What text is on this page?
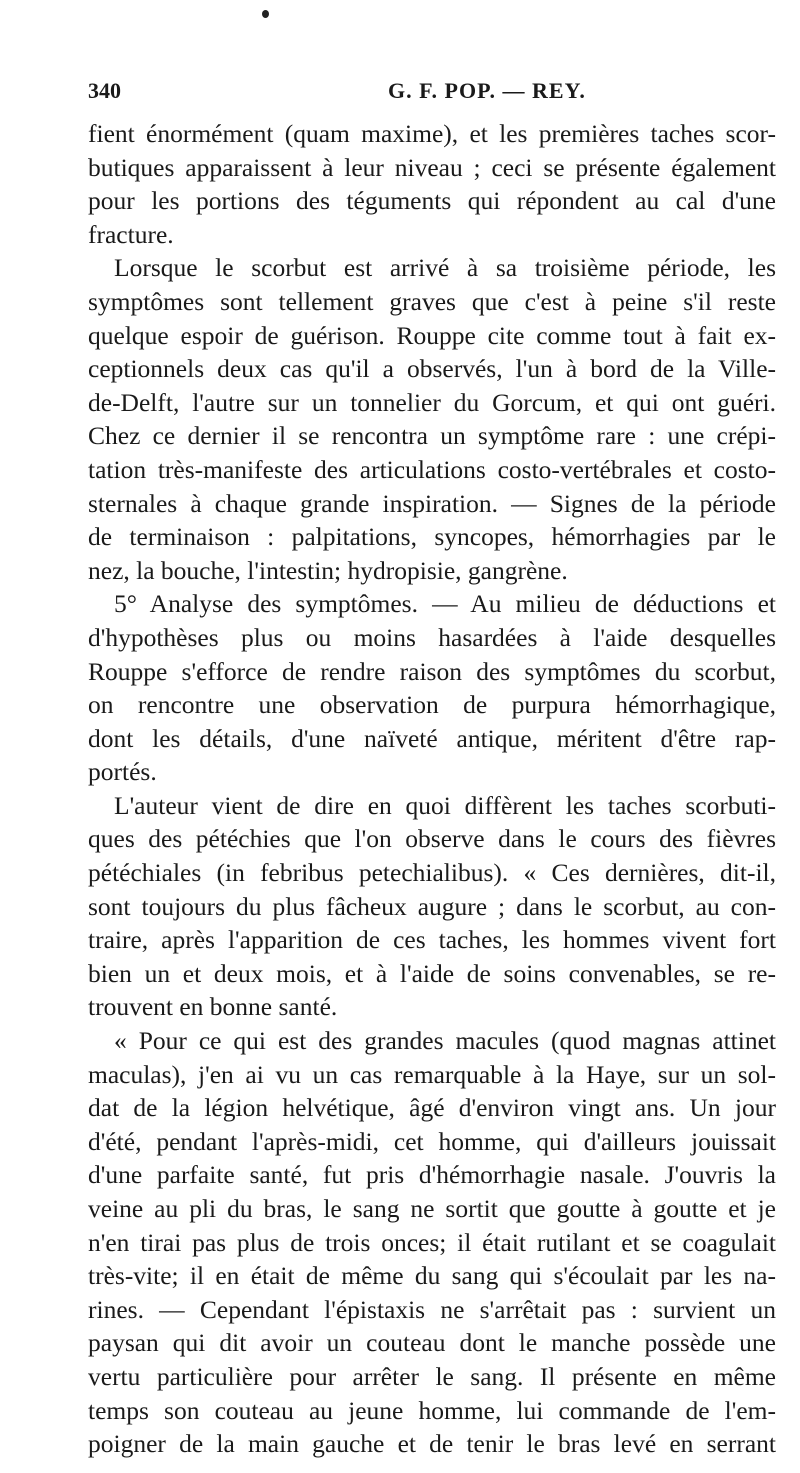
340	G. F. POP. — REY.
fient énormément (quam maxime), et les premières taches scor-
butiques apparaissent à leur niveau ; ceci se présente également
pour les portions des téguments qui répondent au cal d'une
fracture.
Lorsque le scorbut est arrivé à sa troisième période, les
symptômes sont tellement graves que c'est à peine s'il reste
quelque espoir de guérison. Rouppe cite comme tout à fait ex-
ceptionnels deux cas qu'il a observés, l'un à bord de la Ville-
de-Delft, l'autre sur un tonnelier du Gorcum, et qui ont guéri.
Chez ce dernier il se rencontra un symptôme rare : une crépi-
tation très-manifeste des articulations costo-vertébrales et costo-
sternales à chaque grande inspiration. — Signes de la période
de terminaison : palpitations, syncopes, hémorrhagies par le
nez, la bouche, l'intestin; hydropisie, gangrène.
5° Analyse des symptômes. — Au milieu de déductions et
d'hypothèses plus ou moins hasardées à l'aide desquelles
Rouppe s'efforce de rendre raison des symptômes du scorbut,
on rencontre une observation de purpura hémorrhagique,
dont les détails, d'une naïveté antique, méritent d'être rap-
portés.
L'auteur vient de dire en quoi diffèrent les taches scorbuti-
ques des pétéchies que l'on observe dans le cours des fièvres
pétéchiales (in febribus petechialibus). « Ces dernières, dit-il,
sont toujours du plus fâcheux augure ; dans le scorbut, au con-
traire, après l'apparition de ces taches, les hommes vivent fort
bien un et deux mois, et à l'aide de soins convenables, se re-
trouvent en bonne santé.
« Pour ce qui est des grandes macules (quod magnas attinet
maculas), j'en ai vu un cas remarquable à la Haye, sur un sol-
dat de la légion helvétique, âgé d'environ vingt ans. Un jour
d'été, pendant l'après-midi, cet homme, qui d'ailleurs jouissait
d'une parfaite santé, fut pris d'hémorrhagie nasale. J'ouvris la
veine au pli du bras, le sang ne sortit que goutte à goutte et je
n'en tirai pas plus de trois onces; il était rutilant et se coagulait
très-vite; il en était de même du sang qui s'écoulait par les na-
rines. — Cependant l'épistaxis ne s'arrêtait pas : survient un
paysan qui dit avoir un couteau dont le manche possède une
vertu particulière pour arrêter le sang. Il présente en même
temps son couteau au jeune homme, lui commande de l'em-
poigner de la main gauche et de tenir le bras levé en serrant
